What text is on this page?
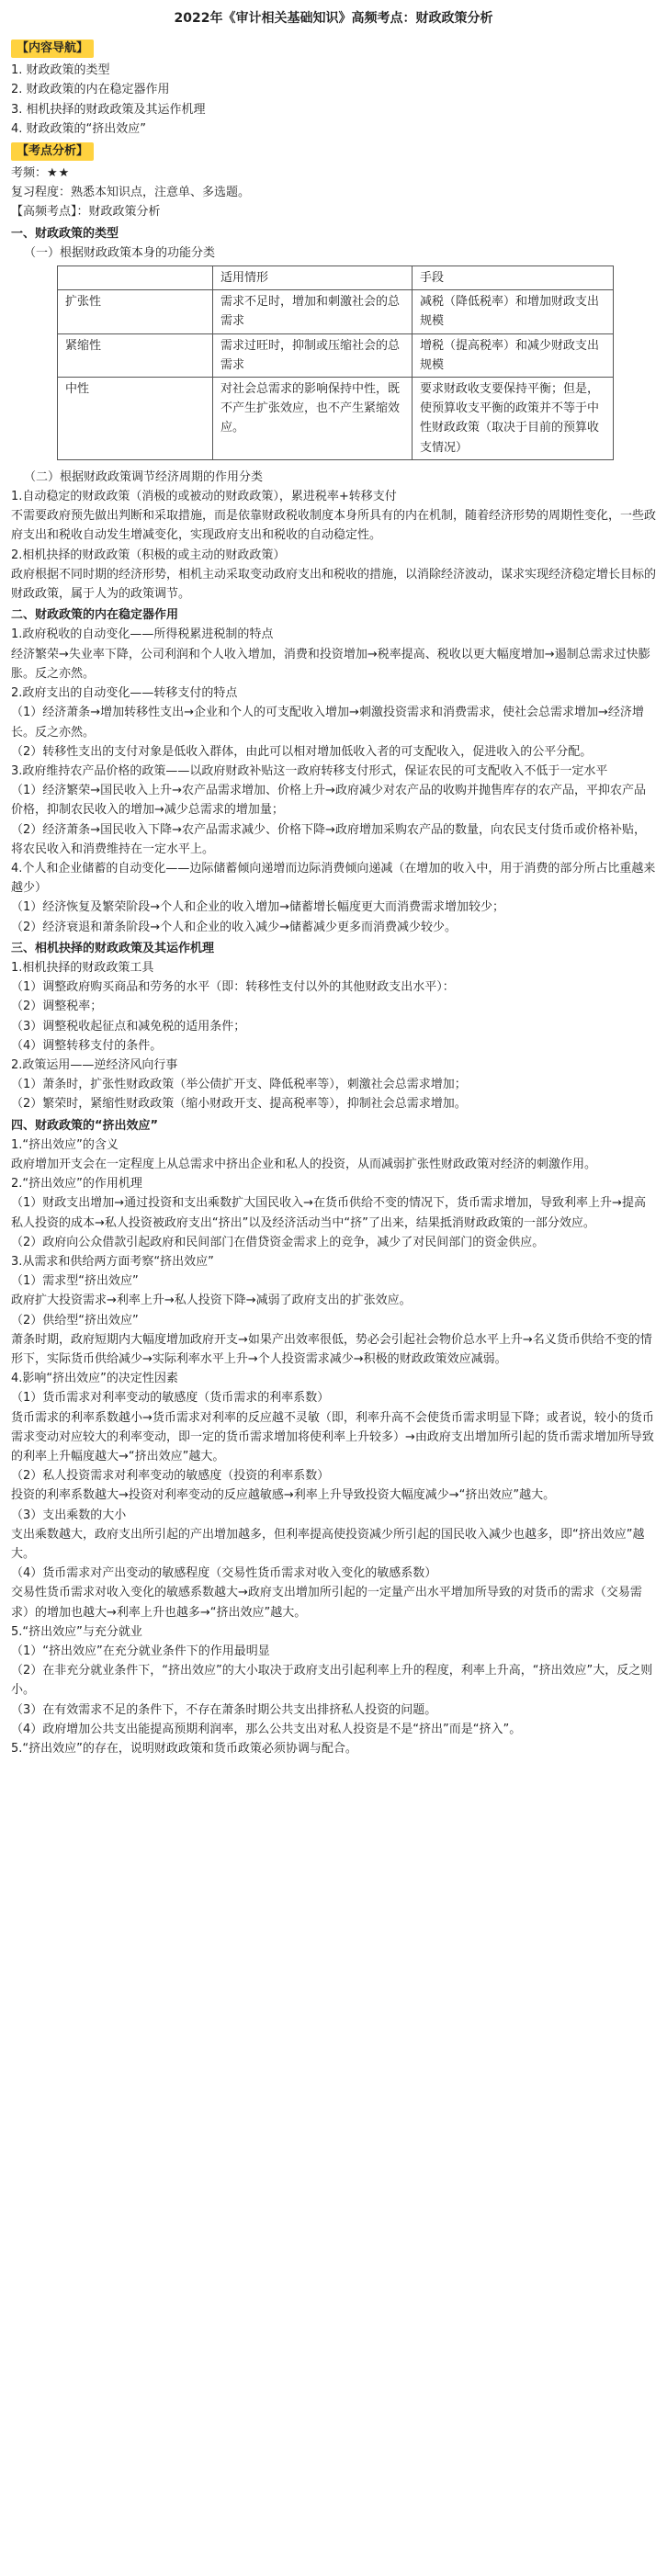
2022年《审计相关基础知识》高频考点：财政政策分析
【内容导航】

1. 财政政策的类型

2. 财政政策的内在稳定器作用

3. 相机抉择的财政政策及其运作机理

4. 财政政策的“挤出效应”

【考点分析】

考频：★★

复习程度：熟悉本知识点，注意单、多选题。

【高频考点】：财政政策分析

一、财政政策的类型

（一）根据财政政策本身的功能分类

	适用情形	手段
扩张性	需求不足时，增加和刺激社会的总需求	减税（降低税率）和增加财政支出规模
紧缩性	需求过旺时，抑制或压缩社会的总需求	增税（提高税率）和减少财政支出规模
中性	对社会总需求的影响保持中性，既不产生扩张效应，也不产生紧缩效应。	要求财政收支要保持平衡；但是，使预算收支平衡的政策并不等于中性财政政策（取决于目前的预算收支情况）

（二）根据财政政策调节经济周期的作用分类

1.自动稳定的财政政策（消极的或被动的财政政策），累进税率+转移支付

不需要政府预先做出判断和采取措施，而是依靠财政税收制度本身所具有的内在机制，随着经济形势的周期性变化，一些政府支出和税收自动发生增减变化，实现政府支出和税收的自动稳定性。

2.相机抉择的财政政策（积极的或主动的财政政策）

政府根据不同时期的经济形势，相机主动采取变动政府支出和税收的措施，以消除经济波动，谋求实现经济稳定增长目标的财政政策，属于人为的政策调节。

二、财政政策的内在稳定器作用

1.政府税收的自动变化——所得税累进税制的特点

经济繁荣→失业率下降，公司利润和个人收入增加，消费和投资增加→税率提高、税收以更大幅度增加→遏制总需求过快膨胀。反之亦然。

2.政府支出的自动变化——转移支付的特点

（1）经济萧条→增加转移性支出→企业和个人的可支配收入增加→刺激投资需求和消费需求，使社会总需求增加→经济增长。反之亦然。

（2）转移性支出的支付对象是低收入群体，由此可以相对增加低收入者的可支配收入，促进收入的公平分配。

3.政府维持农产品价格的政策——以政府财政补贴这一政府转移支付形式，保证农民的可支配收入不低于一定水平

（1）经济繁荣→国民收入上升→农产品需求增加、价格上升→政府减少对农产品的收购并抛售库存的农产品，平抑农产品价格，抑制农民收入的增加→减少总需求的增加量；

（2）经济萧条→国民收入下降→农产品需求减少、价格下降→政府增加采购农产品的数量，向农民支付货币或价格补贴，将农民收入和消费维持在一定水平上。

4.个人和企业储蓄的自动变化——边际储蓄倾向递增而边际消费倾向递减（在增加的收入中，用于消费的部分所占比重越来越少）

（1）经济恢复及繁荣阶段→个人和企业的收入增加→储蓄增长幅度更大而消费需求增加较少；

（2）经济衰退和萧条阶段→个人和企业的收入减少→储蓄减少更多而消费减少较少。

三、相机抉择的财政政策及其运作机理

1.相机抉择的财政政策工具

（1）调整政府购买商品和劳务的水平（即：转移性支付以外的其他财政支出水平）：

（2）调整税率；

（3）调整税收起征点和减免税的适用条件；

（4）调整转移支付的条件。

2.政策运用——逆经济风向行事

（1）萧条时，扩张性财政政策（举公债扩开支、降低税率等），刺激社会总需求增加；

（2）繁荣时，紧缩性财政政策（缩小财政开支、提高税率等），抑制社会总需求增加。

四、财政政策的“挤出效应”

1.“挤出效应”的含义

政府增加开支会在一定程度上从总需求中挤出企业和私人的投资，从而减弱扩张性财政政策对经济的刺激作用。

2.“挤出效应”的作用机理

（1）财政支出增加→通过投资和支出乘数扩大国民收入→在货币供给不变的情况下，货币需求增加，导致利率上升→提高私人投资的成本→私人投资被政府支出“挤出”以及经济活动当中“挤”了出来，结果抵消财政政策的一部分效应。

（2）政府向公众借款引起政府和民间部门在借贷资金需求上的竞争，减少了对民间部门的资金供应。

3.从需求和供给两方面考察“挤出效应”

（1）需求型“挤出效应”

政府扩大投资需求→利率上升→私人投资下降→减弱了政府支出的扩张效应。

（2）供给型“挤出效应”

萧条时期，政府短期内大幅度增加政府开支→如果产出效率很低，势必会引起社会物价总水平上升→名义货币供给不变的情形下，实际货币供给减少→实际利率水平上升→个人投资需求减少→积极的财政政策效应减弱。

4.影响“挤出效应”的决定性因素

（1）货币需求对利率变动的敏感度（货币需求的利率系数）

货币需求的利率系数越小→货币需求对利率的反应越不灵敏（即，利率升高不会使货币需求明显下降；或者说，较小的货币需求变动对应较大的利率变动，即一定的货币需求增加将使利率上升较多）→由政府支出增加所引起的货币需求增加所导致的利率上升幅度越大→“挤出效应”越大。

（2）私人投资需求对利率变动的敏感度（投资的利率系数）

投资的利率系数越大→投资对利率变动的反应越敏感→利率上升导致投资大幅度减少→“挤出效应”越大。

（3）支出乘数的大小

支出乘数越大，政府支出所引起的产出增加越多，但利率提高使投资减少所引起的国民收入减少也越多，即“挤出效应”越大。

（4）货币需求对产出变动的敏感程度（交易性货币需求对收入变化的敏感系数）

交易性货币需求对收入变化的敏感系数越大→政府支出增加所引起的一定量产出水平增加所导致的对货币的需求（交易需求）的增加也越大→利率上升也越多→“挤出效应”越大。

5.“挤出效应”与充分就业

（1）“挤出效应”在充分就业条件下的作用最明显

（2）在非充分就业条件下，“挤出效应”的大小取决于政府支出引起利率上升的程度，利率上升高，“挤出效应”大，反之则小。

（3）在有效需求不足的条件下，不存在萧条时期公共支出排挤私人投资的问题。

（4）政府增加公共支出能提高预期利润率，那么公共支出对私人投资是不是“挤出”而是“挤入”。

5.“挤出效应”的存在，说明财政政策和货币政策必须协调与配合。
